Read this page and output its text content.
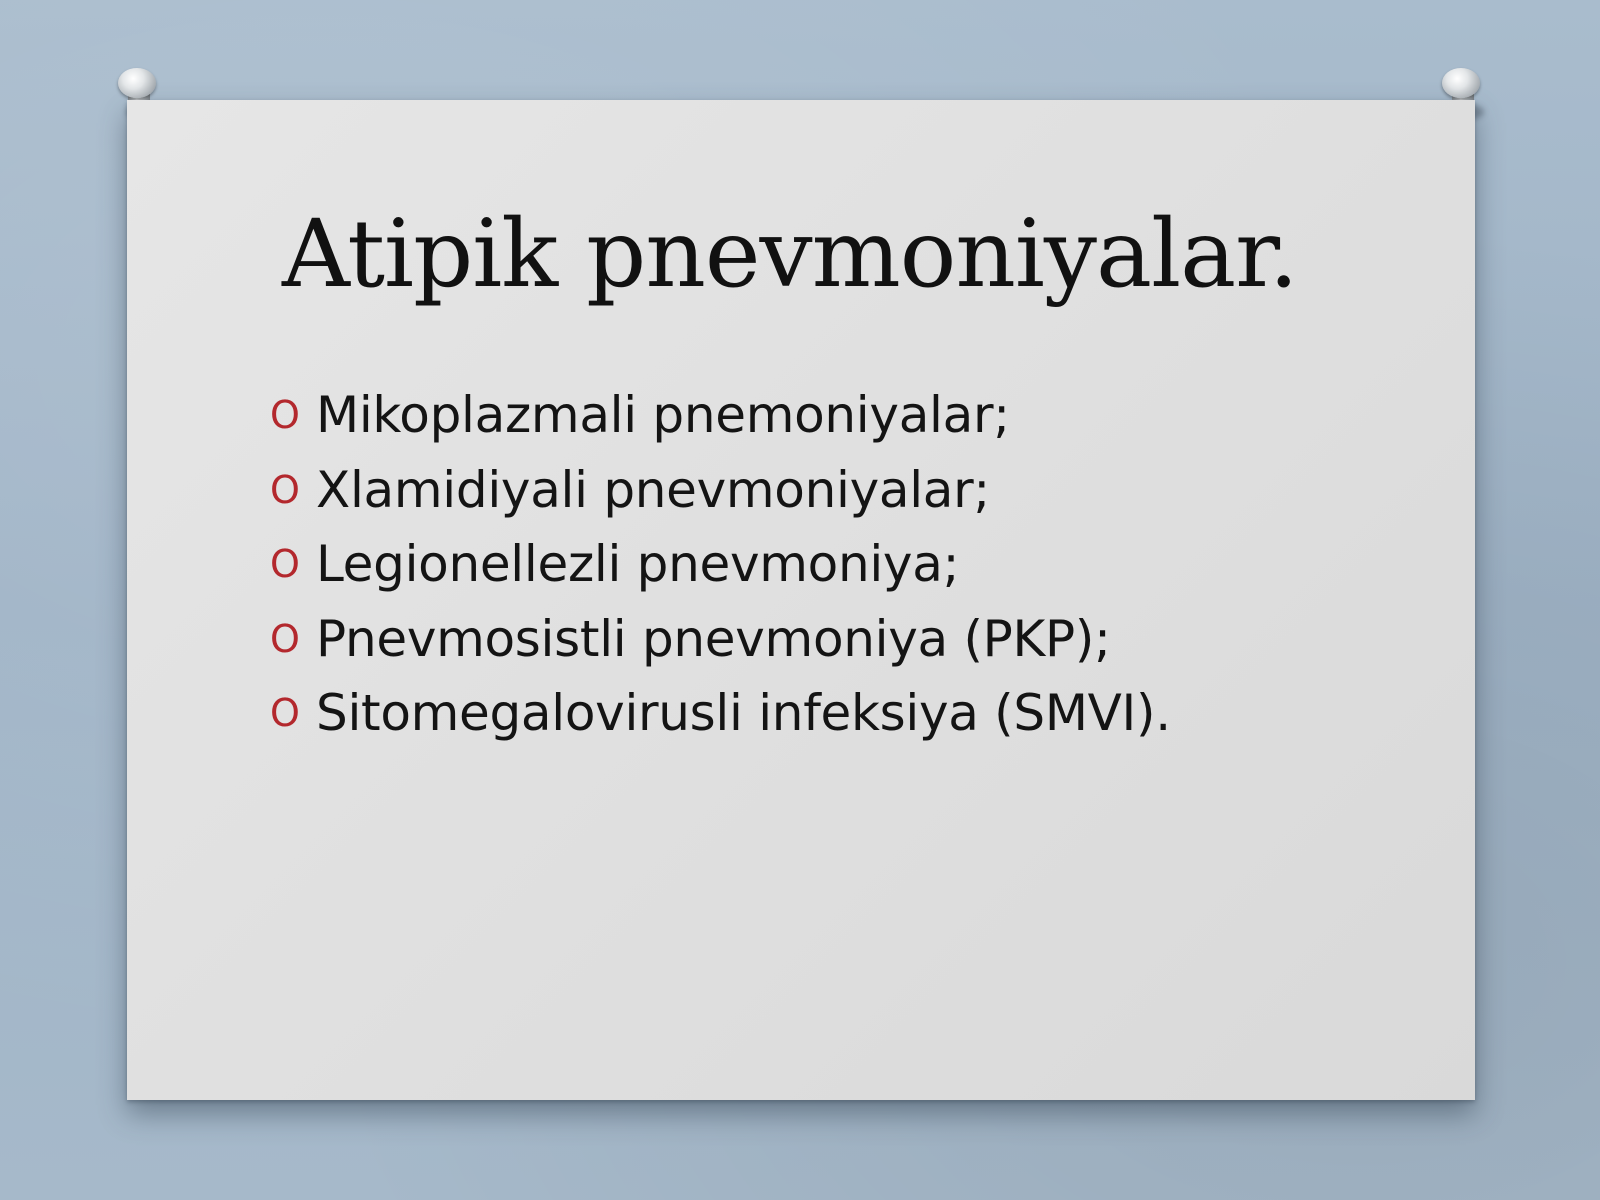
Atipik pnevmoniyalar.
O Mikoplazmali pnemoniyalar;
O Xlamidiyali pnevmoniyalar;
O Legionellezli pnevmoniya;
O Pnevmosistli pnevmoniya (PKP);
O Sitomegalovirusli infeksiya (SMVI).
